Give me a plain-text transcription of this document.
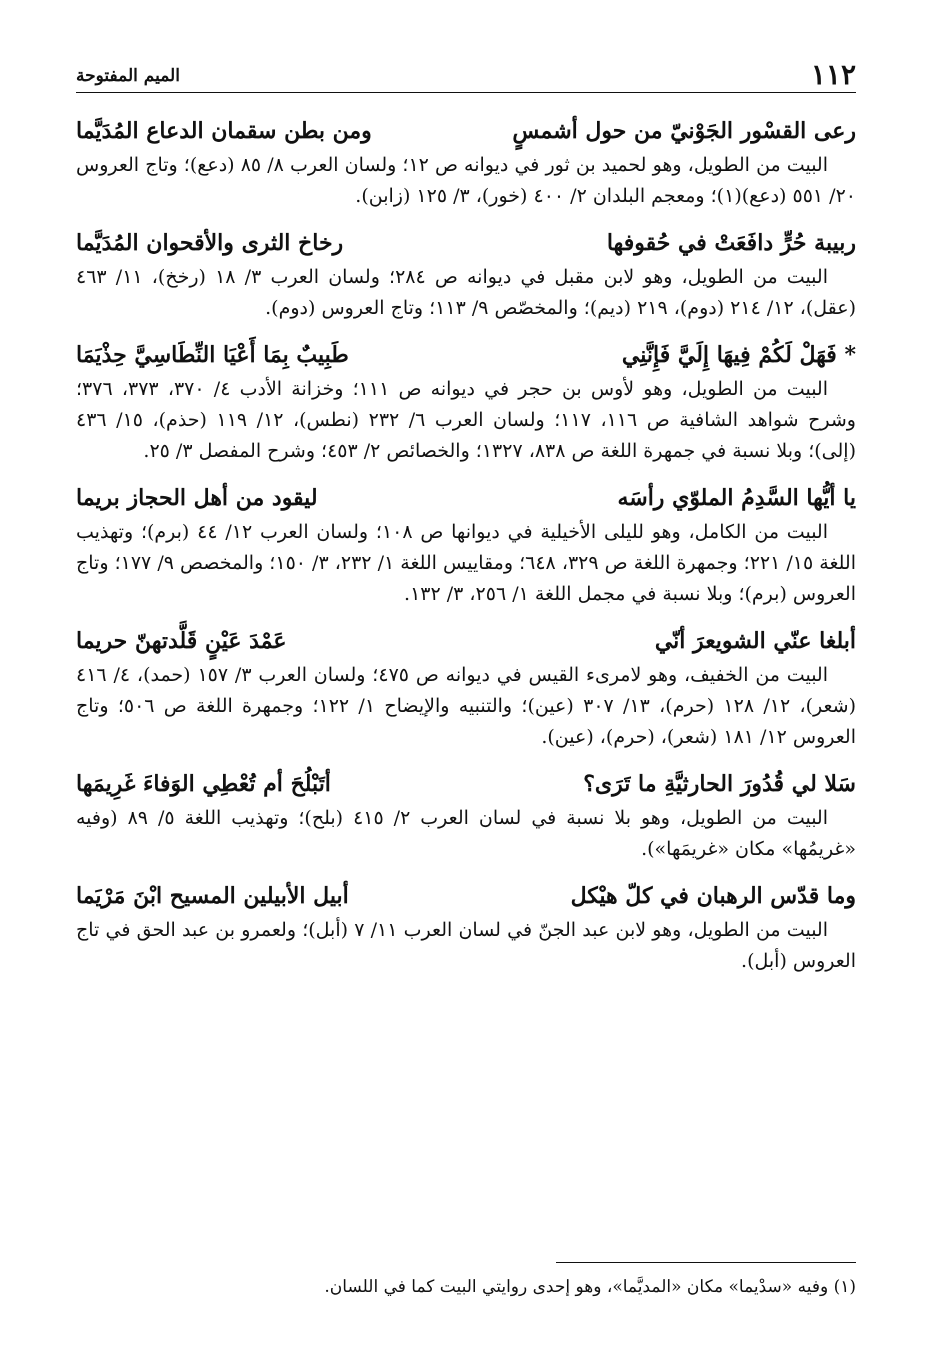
١١٢
الميم المفتوحة
رعى القسْور الجَوْنيّ من حول أشمسٍ
ومن بطن سقمان الدعاع المُدَيَّما

البيت من الطويل، وهو لحميد بن ثور في ديوانه ص ١٢؛ ولسان العرب ٨/ ٨٥ (دعع)؛ وتاج العروس ٢٠/ ٥٥١ (دعع)(١)؛ ومعجم البلدان ٢/ ٤٠٠ (خور)، ٣/ ١٢٥ (زابن).

ربيبة حُرٍّ دافَعَتْ في حُقوفها
رخاخ الثرى والأقحوان المُدَيَّما

البيت من الطويل، وهو لابن مقبل في ديوانه ص ٢٨٤؛ ولسان العرب ٣/ ١٨ (رخخ)، ١١/ ٤٦٣ (عقل)، ١٢/ ٢١٤ (دوم)، ٢١٩ (ديم)؛ والمخصّص ٩/ ١١٣؛ وتاج العروس (دوم).

* فَهَلْ لَكُمْ فِيهَا إِلَيَّ فَإِنَّنِي
طَبِيبٌ بِمَا أَعْيَا النِّطَاسِيَّ حِذْيَمَا

البيت من الطويل، وهو لأوس بن حجر في ديوانه ص ١١١؛ وخزانة الأدب ٤/ ٣٧٠، ٣٧٣، ٣٧٦؛ وشرح شواهد الشافية ص ١١٦، ١١٧؛ ولسان العرب ٦/ ٢٣٢ (نطس)، ١٢/ ١١٩ (حذم)، ١٥/ ٤٣٦ (إلى)؛ وبلا نسبة في جمهرة اللغة ص ٨٣٨، ١٣٢٧؛ والخصائص ٢/ ٤٥٣؛ وشرح المفصل ٣/ ٢٥.

يا أيُّها السَّدِمُ الملوّي رأسَه
ليقود من أهل الحجاز بريما

البيت من الكامل، وهو لليلى الأخيلية في ديوانها ص ١٠٨؛ ولسان العرب ١٢/ ٤٤ (برم)؛ وتهذيب اللغة ١٥/ ٢٢١؛ وجمهرة اللغة ص ٣٢٩، ٦٤٨؛ ومقاييس اللغة ١/ ٢٣٢، ٣/ ١٥٠؛ والمخصص ٩/ ١٧٧؛ وتاج العروس (برم)؛ وبلا نسبة في مجمل اللغة ١/ ٢٥٦، ٣/ ١٣٢.

أبلغا عنّي الشويعرَ أنّي
عَمْدَ عَيْنٍ قَلَّدتهنّ حريما

البيت من الخفيف، وهو لامرىء القيس في ديوانه ص ٤٧٥؛ ولسان العرب ٣/ ١٥٧ (حمد)، ٤/ ٤١٦ (شعر)، ١٢/ ١٢٨ (حرم)، ١٣/ ٣٠٧ (عين)؛ والتنبيه والإيضاح ١/ ١٢٢؛ وجمهرة اللغة ص ٥٠٦؛ وتاج العروس ١٢/ ١٨١ (شعر)، (حرم)، (عين).

سَلا لي قُدُورَ الحارثيَّةِ ما تَرَى؟
أتَبْلُحَ أم تُعْطِي الوَفاءَ غَرِيمَها

البيت من الطويل، وهو بلا نسبة في لسان العرب ٢/ ٤١٥ (بلح)؛ وتهذيب اللغة ٥/ ٨٩ (وفيه «غريمُها» مكان «غريمَها»).

وما قدّس الرهبان في كلّ هيْكل
أبيل الأبيلين المسيح ابْنَ مَرْيَما

البيت من الطويل، وهو لابن عبد الجنّ في لسان العرب ١١/ ٧ (أبل)؛ ولعمرو بن عبد الحق في تاج العروس (أبل).

(١) وفيه «سدْيما» مكان «المديَّما»، وهو إحدى روايتي البيت كما في اللسان.
